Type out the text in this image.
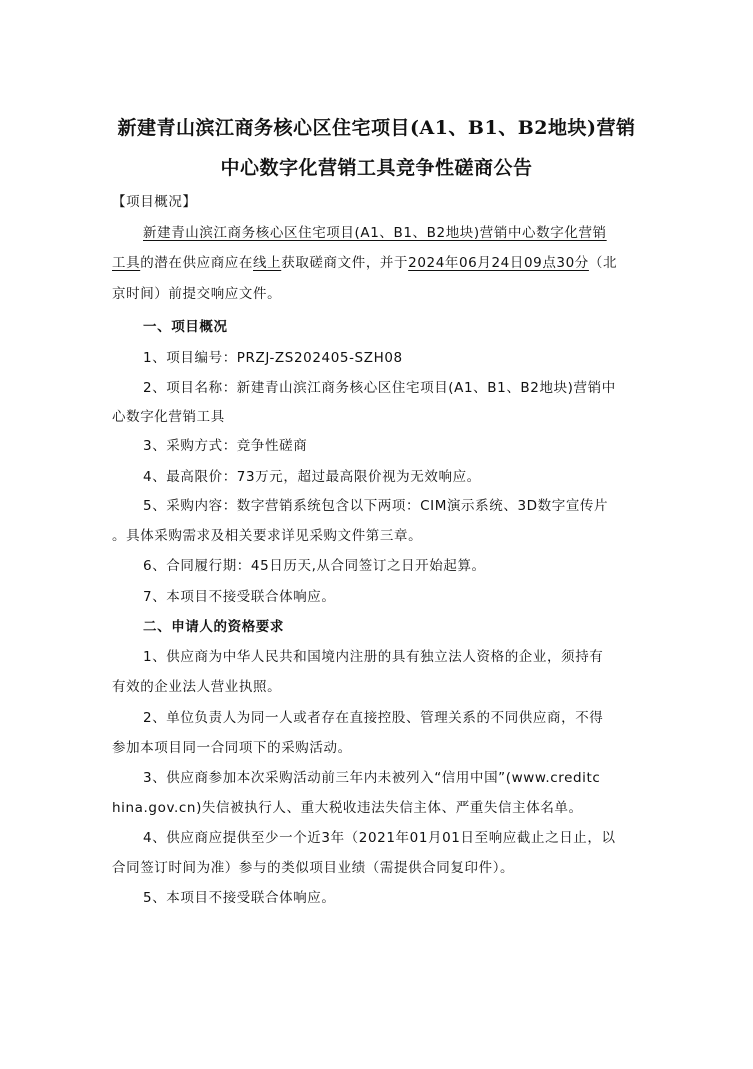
新建青山滨江商务核心区住宅项目(A1、B1、B2地块)营销
中心数字化营销工具竞争性磋商公告
【项目概况】
新建青山滨江商务核心区住宅项目(A1、B1、B2地块)营销中心数字化营销
工具的潜在供应商应在线上获取磋商文件，并于2024年06月24日09点30分（北
京时间）前提交响应文件。
一、项目概况
1、项目编号：PRZJ-ZS202405-SZH08
2、项目名称：新建青山滨江商务核心区住宅项目(A1、B1、B2地块)营销中
心数字化营销工具
3、采购方式：竞争性磋商
4、最高限价：73万元，超过最高限价视为无效响应。
5、采购内容：数字营销系统包含以下两项：CIM演示系统、3D数字宣传片
。具体采购需求及相关要求详见采购文件第三章。
6、合同履行期：45日历天,从合同签订之日开始起算。
7、本项目不接受联合体响应。
二、申请人的资格要求
1、供应商为中华人民共和国境内注册的具有独立法人资格的企业，须持有
有效的企业法人营业执照。
2、单位负责人为同一人或者存在直接控股、管理关系的不同供应商，不得
参加本项目同一合同项下的采购活动。
3、供应商参加本次采购活动前三年内未被列入“信用中国”(www.creditc
hina.gov.cn)失信被执行人、重大税收违法失信主体、严重失信主体名单。
4、供应商应提供至少一个近3年（2021年01月01日至响应截止之日止，以
合同签订时间为准）参与的类似项目业绩（需提供合同复印件）。
5、本项目不接受联合体响应。
